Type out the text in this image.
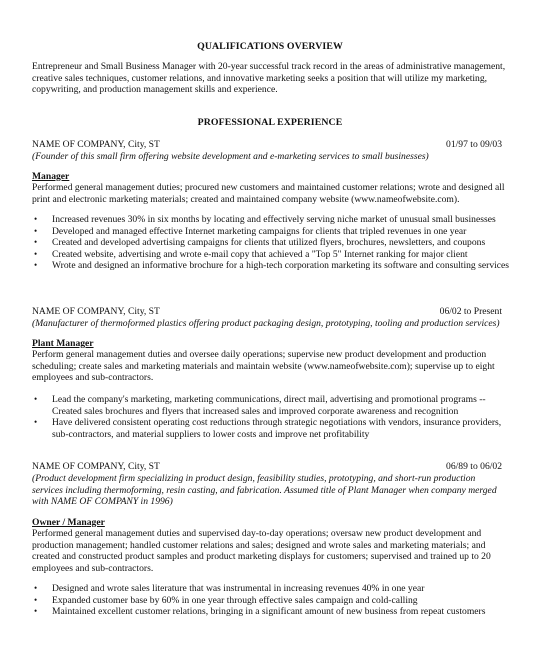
QUALIFICATIONS OVERVIEW
Entrepreneur and Small Business Manager with 20-year successful track record in the areas of administrative management, creative sales techniques, customer relations, and innovative marketing seeks a position that will utilize my marketing, copywriting, and production management skills and experience.
PROFESSIONAL EXPERIENCE
NAME OF COMPANY, City, ST	01/97 to 09/03
(Founder of this small firm offering website development and e-marketing services to small businesses)
Manager
Performed general management duties; procured new customers and maintained customer relations; wrote and designed all print and electronic marketing materials; created and maintained company website (www.nameofwebsite.com).
• Increased revenues 30% in six months by locating and effectively serving niche market of unusual small businesses
• Developed and managed effective Internet marketing campaigns for clients that tripled revenues in one year
• Created and developed advertising campaigns for clients that utilized flyers, brochures, newsletters, and coupons
• Created website, advertising and wrote e-mail copy that achieved a "Top 5" Internet ranking for major client
• Wrote and designed an informative brochure for a high-tech corporation marketing its software and consulting services
NAME OF COMPANY, City, ST	06/02 to Present
(Manufacturer of thermoformed plastics offering product packaging design, prototyping, tooling and production services)
Plant Manager
Perform general management duties and oversee daily operations; supervise new product development and production scheduling; create sales and marketing materials and maintain website (www.nameofwebsite.com); supervise up to eight employees and sub-contractors.
• Lead the company's marketing, marketing communications, direct mail, advertising and promotional programs -- Created sales brochures and flyers that increased sales and improved corporate awareness and recognition
• Have delivered consistent operating cost reductions through strategic negotiations with vendors, insurance providers, sub-contractors, and material suppliers to lower costs and improve net profitability
NAME OF COMPANY, City, ST	06/89 to 06/02
(Product development firm specializing in product design, feasibility studies, prototyping, and short-run production services including thermoforming, resin casting, and fabrication. Assumed title of Plant Manager when company merged with NAME OF COMPANY in 1996)
Owner / Manager
Performed general management duties and supervised day-to-day operations; oversaw new product development and production management; handled customer relations and sales; designed and wrote sales and marketing materials; and created and constructed product samples and product marketing displays for customers; supervised and trained up to 20 employees and sub-contractors.
• Designed and wrote sales literature that was instrumental in increasing revenues 40% in one year
• Expanded customer base by 60% in one year through effective sales campaign and cold-calling
• Maintained excellent customer relations, bringing in a significant amount of new business from repeat customers
